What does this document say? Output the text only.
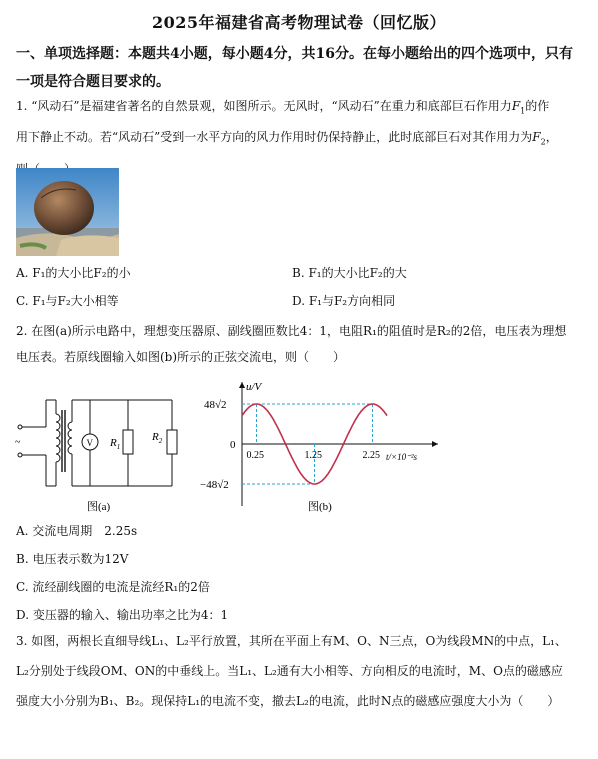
2025年福建省高考物理试卷（回忆版）
一、单项选择题：本题共4小题，每小题4分，共16分。在每小题给出的四个选项中，只有
一项是符合题目要求的。
1. “风动石”是福建省著名的自然景观，如图所示。无风时，“风动石”在重力和底部巨石作用力$F_1$的作
用下静止不动。若“风动石”受到一水平方向的风力作用时仍保持静止，此时底部巨石对其作用力为$F_2$，
A. F₁的大小比F₂的小	B. F₁的大小比F₂的大
C. F₁与F₂大小相等	D. F₁与F₂方向相同
2. 在图(a)所示电路中，理想变压器原、副线圈匝数比4：1，电阻R₁的阻值时是R₂的2倍，电压表为理想
电压表。若原线圈输入如图(b)所示的正弦交流电，则（　　）
~	V $R_1$
$R_2$
图(a)
u/V
t/×10⁻²s
0
48√2
−48√2
0.25	1.25	2.25
图(b)
A. 交流电周期　2.25s
B. 电压表示数为12V
C. 流经副线圈的电流是流经R₁的2倍
D. 变压器的输入、输出功率之比为4：1
3. 如图，两根长直细导线L₁、L₂平行放置，其所在平面上有M、O、N三点，O为线段MN的中点，L₁、
L₂分别处于线段OM、ON的中垂线上。当L₁、L₂通有大小相等、方向相反的电流时，M、O点的磁感应
强度大小分别为B₁、B₂。现保持L₁的电流不变，撤去L₂的电流，此时N点的磁感应强度大小为（　　）
